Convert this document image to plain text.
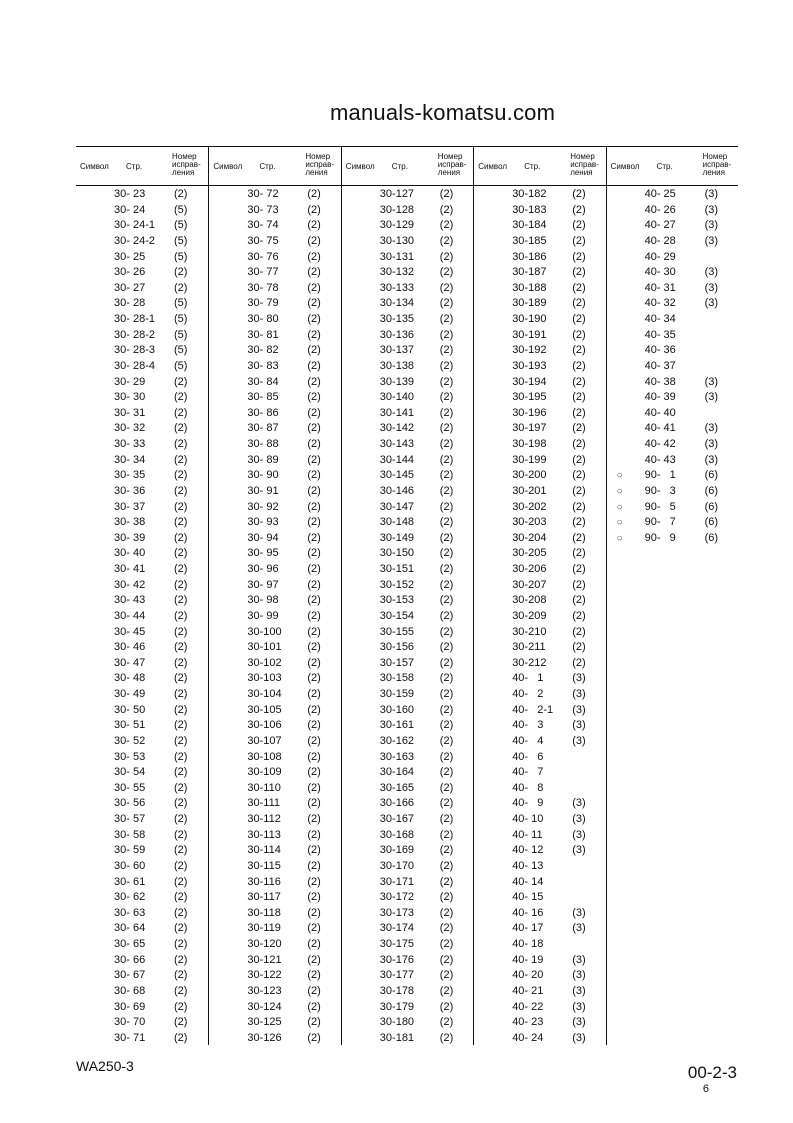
Символ Стр.
Номер исправ- ления
30- 23	(2)
30- 24	(5)
30- 24-1 (5)
30- 24-2 (5)
30- 25	(5)
30- 26	(2)
30- 27	(2)
30- 28	(5)
30- 28-1 (5)
30- 28-2 (5)
30- 28-3 (5)
30- 28-4 (5)
30- 29	(2)
30- 30	(2)
30- 31	(2)
30- 32	(2)
30- 33	(2)
30- 34	(2)
30- 35	(2)
30- 36	(2)
30- 37	(2)
30- 38	(2)
30- 39	(2)
30- 40	(2)
30- 41	(2)
30- 42	(2)
30- 43	(2)
30- 44	(2)
30- 45	(2)
30- 46	(2)
30- 47	(2)
30- 48	(2)
30- 49	(2)
30- 50	(2)
30- 51	(2)
30- 52	(2)
30- 53	(2)
30- 54	(2)
30- 55	(2)
30- 56	(2)
30- 57	(2)
30- 58	(2)
30- 59	(2)
30- 60	(2)
30- 61	(2)
30- 62	(2)
30- 63	(2)
30- 64	(2)
30- 65	(2)
30- 66	(2)
30- 67	(2)
30- 68	(2)
30- 69	(2)
30- 70	(2)
30- 71	(2)
Символ Стр.
Номер исправ- ления
30- 72	(2)
30- 73	(2)
30- 74	(2)
30- 75	(2)
30- 76	(2)
30- 77	(2)
30- 78	(2)
30- 79	(2)
30- 80	(2)
30- 81	(2)
30- 82	(2)
30- 83	(2)
30- 84	(2)
30- 85	(2)
30- 86	(2)
30- 87	(2)
30- 88	(2)
30- 89	(2)
30- 90	(2)
30- 91	(2)
30- 92	(2)
30- 93	(2)
30- 94	(2)
30- 95	(2)
30- 96	(2)
30- 97	(2)
30- 98	(2)
30- 99	(2)
30-100 (2)
30-101 (2)
30-102 (2)
30-103 (2)
30-104 (2)
30-105 (2)
30-106 (2)
30-107 (2)
30-108 (2)
30-109 (2)
30-110 (2)
30-111 (2)
30-112 (2)
30-113 (2)
30-114 (2)
30-115 (2)
30-116 (2)
30-117 (2)
30-118 (2)
30-119 (2)
30-120 (2)
30-121 (2)
30-122 (2)
30-123 (2)
30-124 (2)
30-125 (2)
30-126 (2)
Символ Стр.
Номер исправ- ления
30-127 (2)
30-128 (2)
30-129 (2)
30-130 (2)
30-131 (2)
30-132 (2)
30-133 (2)
30-134 (2)
30-135 (2)
30-136 (2)
30-137 (2)
30-138 (2)
30-139 (2)
30-140 (2)
30-141 (2)
30-142 (2)
30-143 (2)
30-144 (2)
30-145 (2)
30-146 (2)
30-147 (2)
30-148 (2)
30-149 (2)
30-150 (2)
30-151 (2)
30-152 (2)
30-153 (2)
30-154 (2)
30-155 (2)
30-156 (2)
30-157 (2)
30-158 (2)
30-159 (2)
30-160 (2)
30-161 (2)
30-162 (2)
30-163 (2)
30-164 (2)
30-165 (2)
30-166 (2)
30-167 (2)
30-168 (2)
30-169 (2)
30-170 (2)
30-171 (2)
30-172 (2)
30-173 (2)
30-174 (2)
30-175 (2)
30-176 (2)
30-177 (2)
30-178 (2)
30-179 (2)
30-180 (2)
30-181 (2)
Символ Стр.
Номер исправ- ления
30-182 (2)
30-183 (2)
30-184 (2)
30-185 (2)
30-186 (2)
30-187 (2)
30-188 (2)
30-189 (2)
30-190 (2)
30-191 (2)
30-192 (2)
30-193 (2)
30-194 (2)
30-195 (2)
30-196 (2)
30-197 (2)
30-198 (2)
30-199 (2)
30-200 (2)
30-201 (2)
30-202 (2)
30-203 (2)
30-204 (2)
30-205 (2)
30-206 (2)
30-207 (2)
30-208 (2)
30-209 (2)
30-210 (2)
30-211 (2)
30-212 (2)
40-   1	(3)
40-   2	(3)
40-   2-1 (3)
40-   3	(3)
40-   4	(3)
40-   6
40-   7
40-   8
40-   9	(3)
40- 10	(3)
40- 11	(3)
40- 12	(3)
40- 13
40- 14
40- 15
40- 16	(3)
40- 17	(3)
40- 18
40- 19	(3)
40- 20	(3)
40- 21	(3)
40- 22	(3)
40- 23	(3)
40- 24	(3)
Символ Стр.
Номер исправ- ления
40- 25	(3)
40- 26	(3)
40- 27	(3)
40- 28	(3)
40- 29
40- 30	(3)
40- 31	(3)
40- 32	(3)
40- 34
40- 35
40- 36
40- 37
40- 38	(3)
40- 39	(3)
40- 40
40- 41	(3)
40- 42	(3)
40- 43	(3)
○ 90-   1	(6)
○ 90-   3	(6)
○ 90-   5	(6)
○ 90-   7	(6)
○ 90-   9	(6)
manuals-komatsu.com
WA250-3	00-2-3
6
